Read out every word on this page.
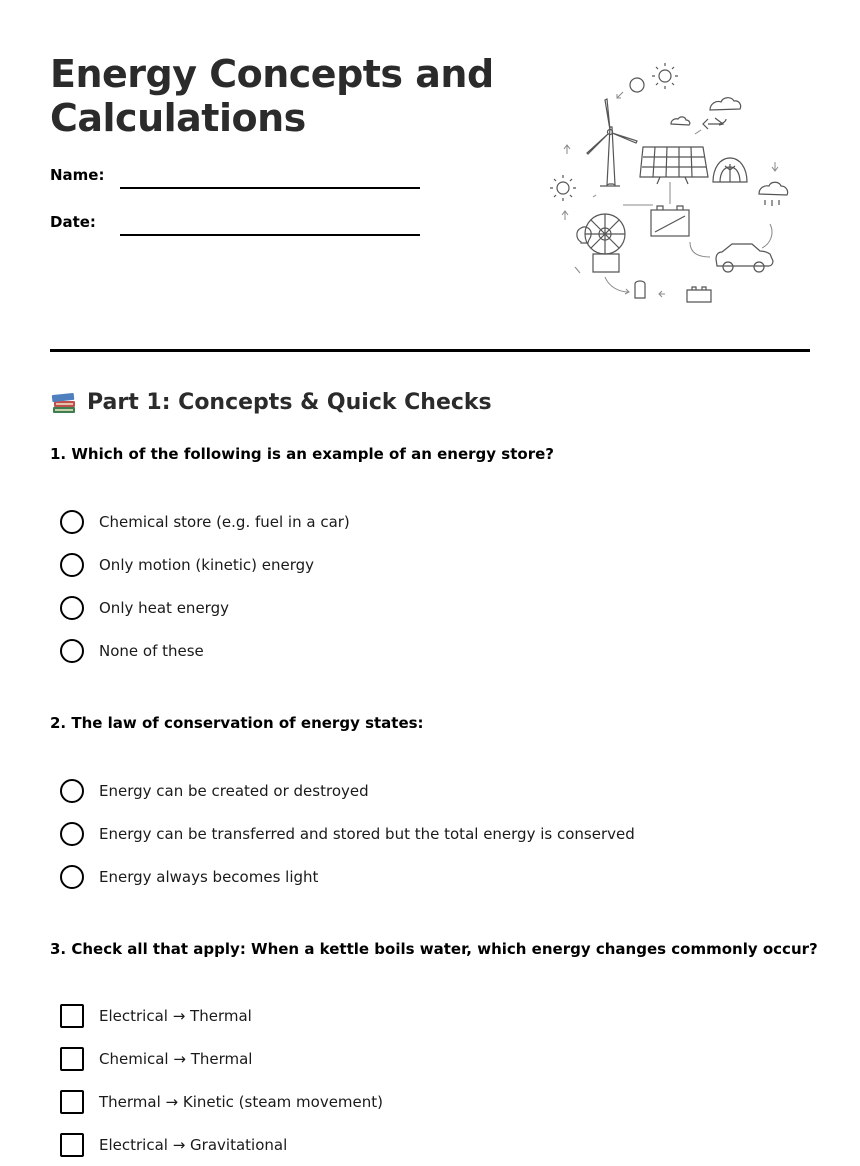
Energy Concepts and Calculations
Name:
Date:
Part 1: Concepts & Quick Checks

1. Which of the following is an example of an energy store?

Chemical store (e.g. fuel in a car)
Only motion (kinetic) energy
Only heat energy
None of these

2. The law of conservation of energy states:

Energy can be created or destroyed
Energy can be transferred and stored but the total energy is conserved
Energy always becomes light

3. Check all that apply: When a kettle boils water, which energy changes commonly occur?

Electrical → Thermal
Chemical → Thermal
Thermal → Kinetic (steam movement)
Electrical → Gravitational
